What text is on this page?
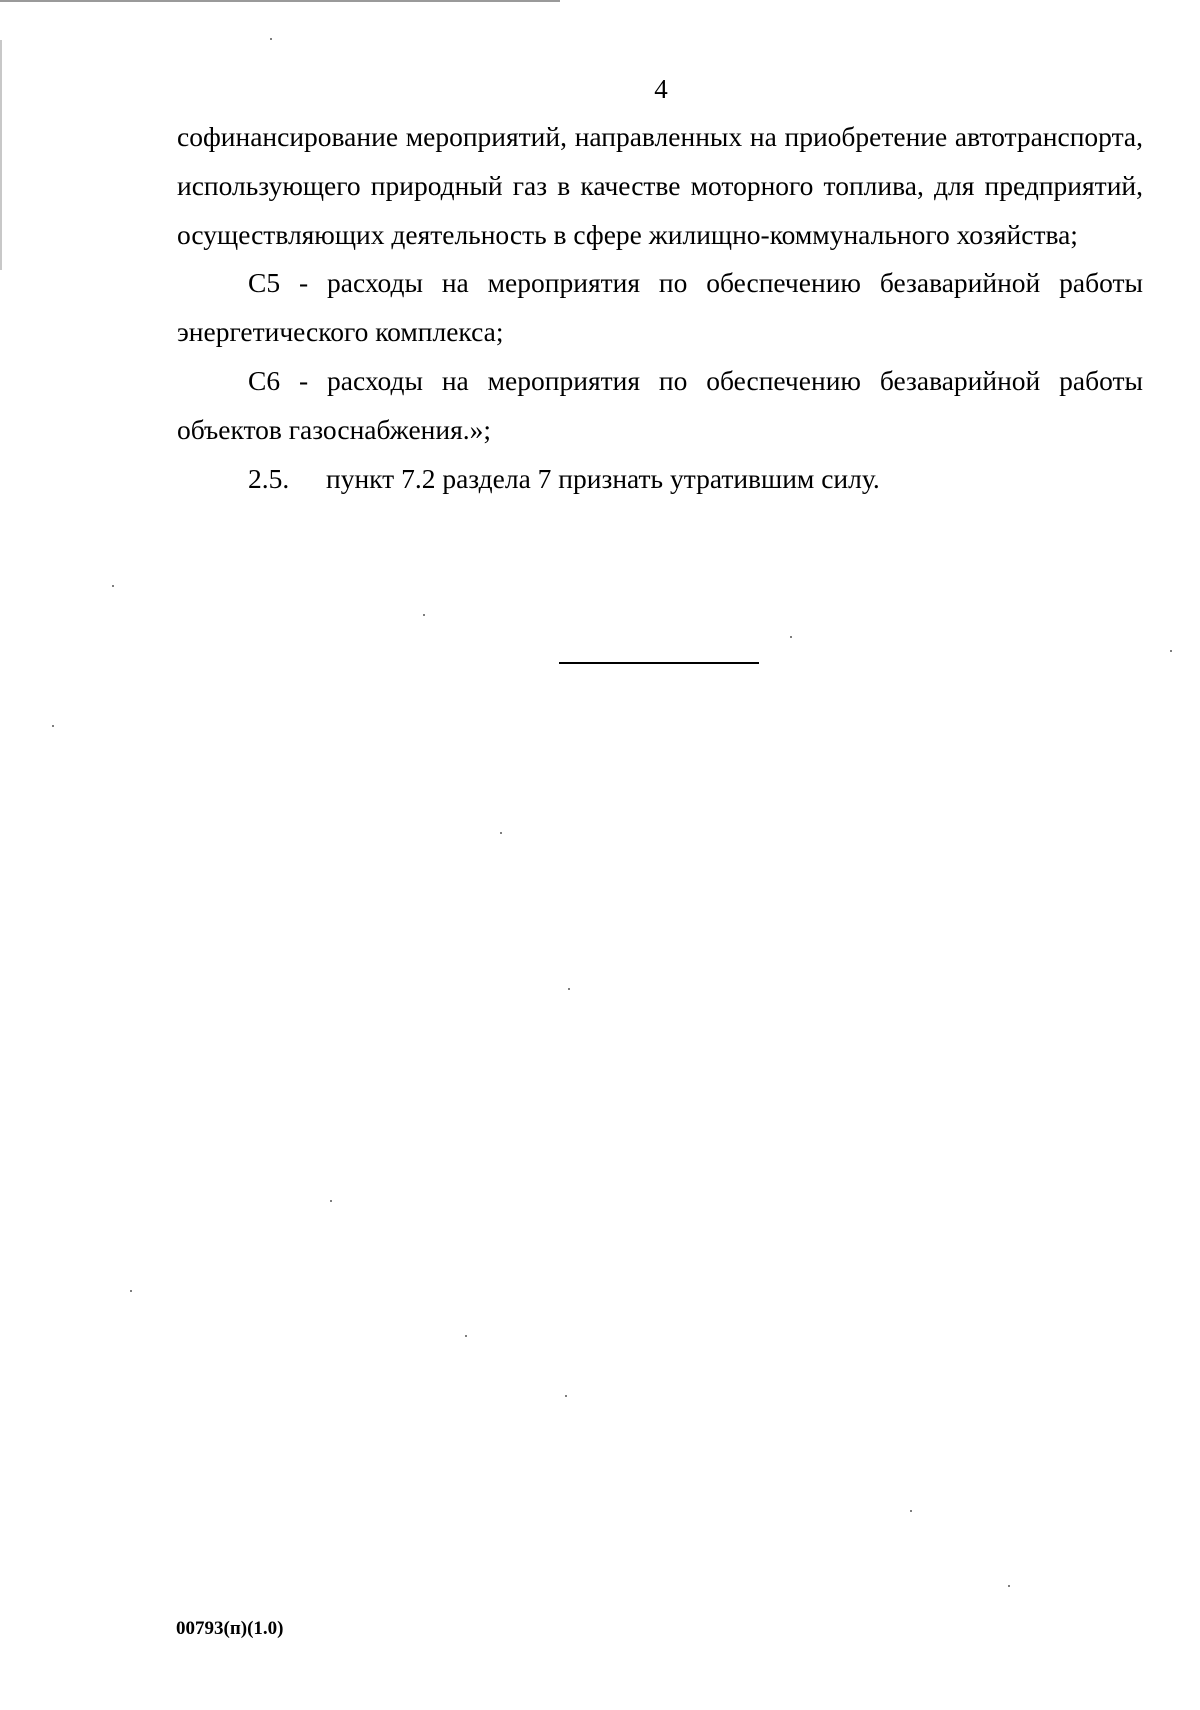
4

софинансирование мероприятий, направленных на приобретение автотранспорта, использующего природный газ в качестве моторного топлива, для предприятий, осуществляющих деятельность в сфере жилищно-коммунального хозяйства;

С5 - расходы на мероприятия по обеспечению безаварийной работы энергетического комплекса;

С6 - расходы на мероприятия по обеспечению безаварийной работы объектов газоснабжения.»;

2.5. пункт 7.2 раздела 7 признать утратившим силу.

00793(п)(1.0)
